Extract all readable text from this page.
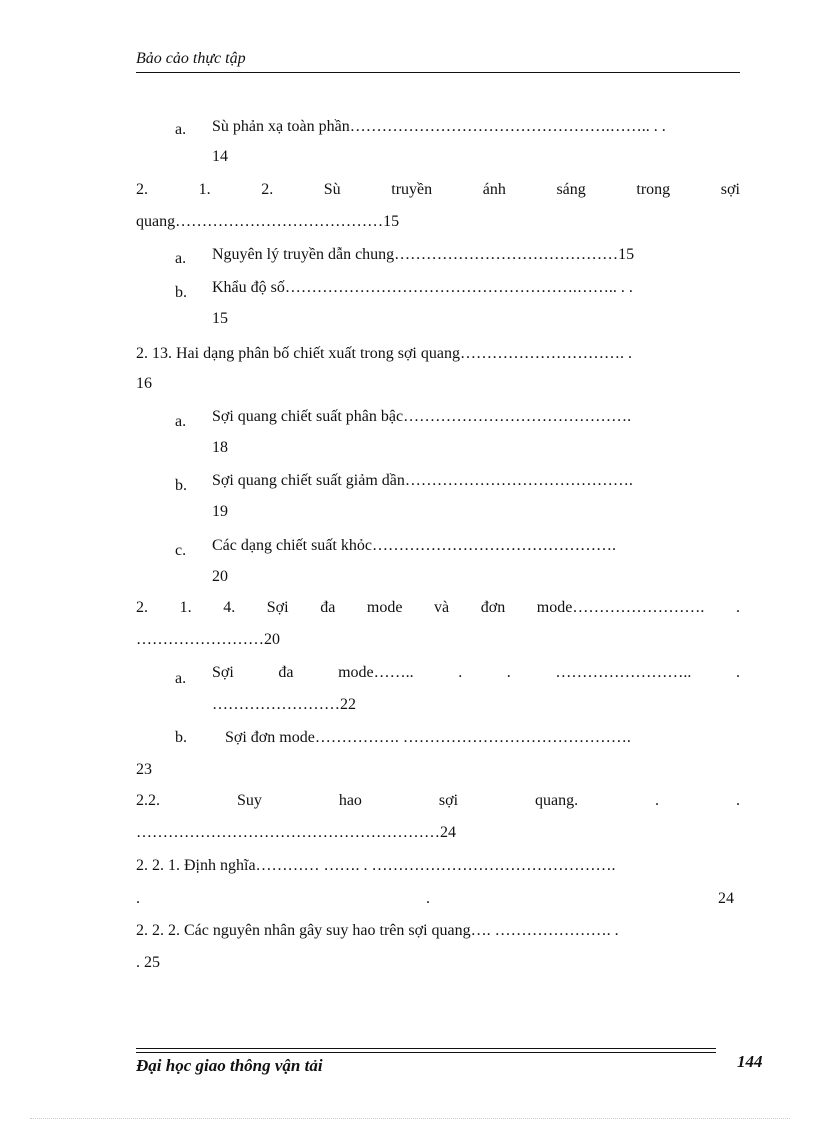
Bảo cảo thực tập
a. Sù phản xạ toàn phần………………………………………….…….. . .
14
2.	1.	2.	Sù	truyền	ánh	sáng	trong	sợi
quang…………………………………15
a. Nguyên lý truyền dẫn chung……………………………………15
b. Khẩu độ số……………………………………………….…….. . .
15
2. 13. Hai dạng phân bố chiết xuất trong sợi quang…………………………. .
16
a. Sợi quang chiết suất phân bậc…………………………………….
18
b. Sợi quang chiết suất giảm dần…………………………………….
19
c. Các dạng chiết suất khỏc……………………………………….
20
2. 1. 4. Sợi đa mode và đơn mode……………………. .
……………………20
a. Sợi	đa	mode……..	.	.	……………………..	.
……………………22
b. Sợi đơn mode……………. …………………………………….
23
2.2.	Suy	hao	sợi	quang.	.	.
…………………………………………………24
2. 2. 1. Định nghĩa………… ……. . ……………………………………….
.	.	24
2. 2. 2. Các nguyên nhân gây suy hao trên sợi quang…. …………………. .
. 25
Đại học giao thông vận tải	144
